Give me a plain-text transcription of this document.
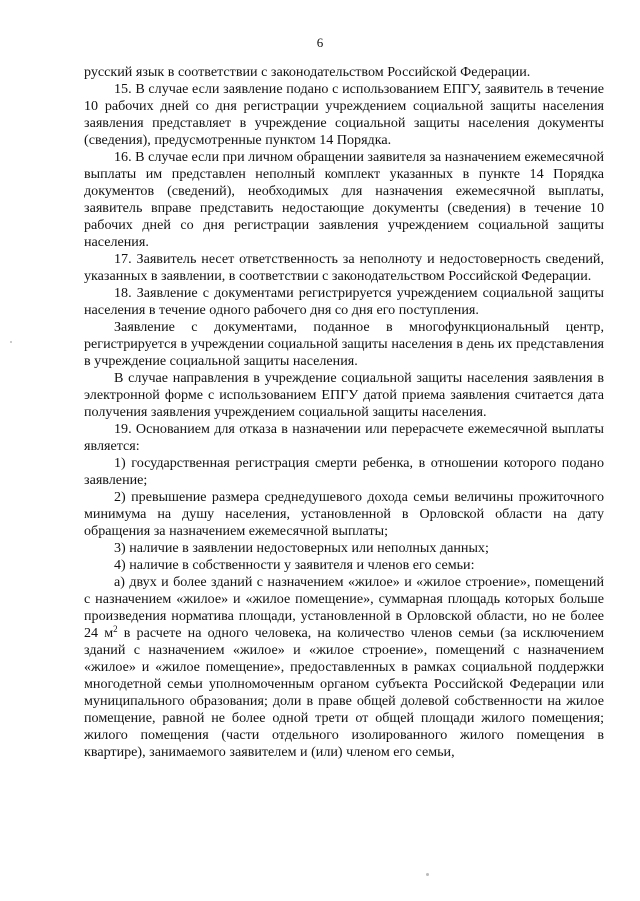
6

русский язык в соответствии с законодательством Российской Федерации.

15. В случае если заявление подано с использованием ЕПГУ, заявитель в течение 10 рабочих дней со дня регистрации учреждением социальной защиты населения заявления представляет в учреждение социальной защиты населения документы (сведения), предусмотренные пунктом 14 Порядка.

16. В случае если при личном обращении заявителя за назначением ежемесячной выплаты им представлен неполный комплект указанных в пункте 14 Порядка документов (сведений), необходимых для назначения ежемесячной выплаты, заявитель вправе представить недостающие документы (сведения) в течение 10 рабочих дней со дня регистрации заявления учреждением социальной защиты населения.

17. Заявитель несет ответственность за неполноту и недостоверность сведений, указанных в заявлении, в соответствии с законодательством Российской Федерации.

18. Заявление с документами регистрируется учреждением социальной защиты населения в течение одного рабочего дня со дня его поступления.

Заявление с документами, поданное в многофункциональный центр, регистрируется в учреждении социальной защиты населения в день их представления в учреждение социальной защиты населения.

В случае направления в учреждение социальной защиты населения заявления в электронной форме с использованием ЕПГУ датой приема заявления считается дата получения заявления учреждением социальной защиты населения.

19. Основанием для отказа в назначении или перерасчете ежемесячной выплаты является:

1) государственная регистрация смерти ребенка, в отношении которого подано заявление;

2) превышение размера среднедушевого дохода семьи величины прожиточного минимума на душу населения, установленной в Орловской области на дату обращения за назначением ежемесячной выплаты;

3) наличие в заявлении недостоверных или неполных данных;

4) наличие в собственности у заявителя и членов его семьи:

а) двух и более зданий с назначением «жилое» и «жилое строение», помещений с назначением «жилое» и «жилое помещение», суммарная площадь которых больше произведения норматива площади, установленной в Орловской области, но не более 24 $м^2$ в расчете на одного человека, на количество членов семьи (за исключением зданий с назначением «жилое» и «жилое строение», помещений с назначением «жилое» и «жилое помещение», предоставленных в рамках социальной поддержки многодетной семьи уполномоченным органом субъекта Российской Федерации или муниципального образования; доли в праве общей долевой собственности на жилое помещение, равной не более одной трети от общей площади жилого помещения; жилого помещения (части отдельного изолированного жилого помещения в квартире), занимаемого заявителем и (или) членом его семьи,
